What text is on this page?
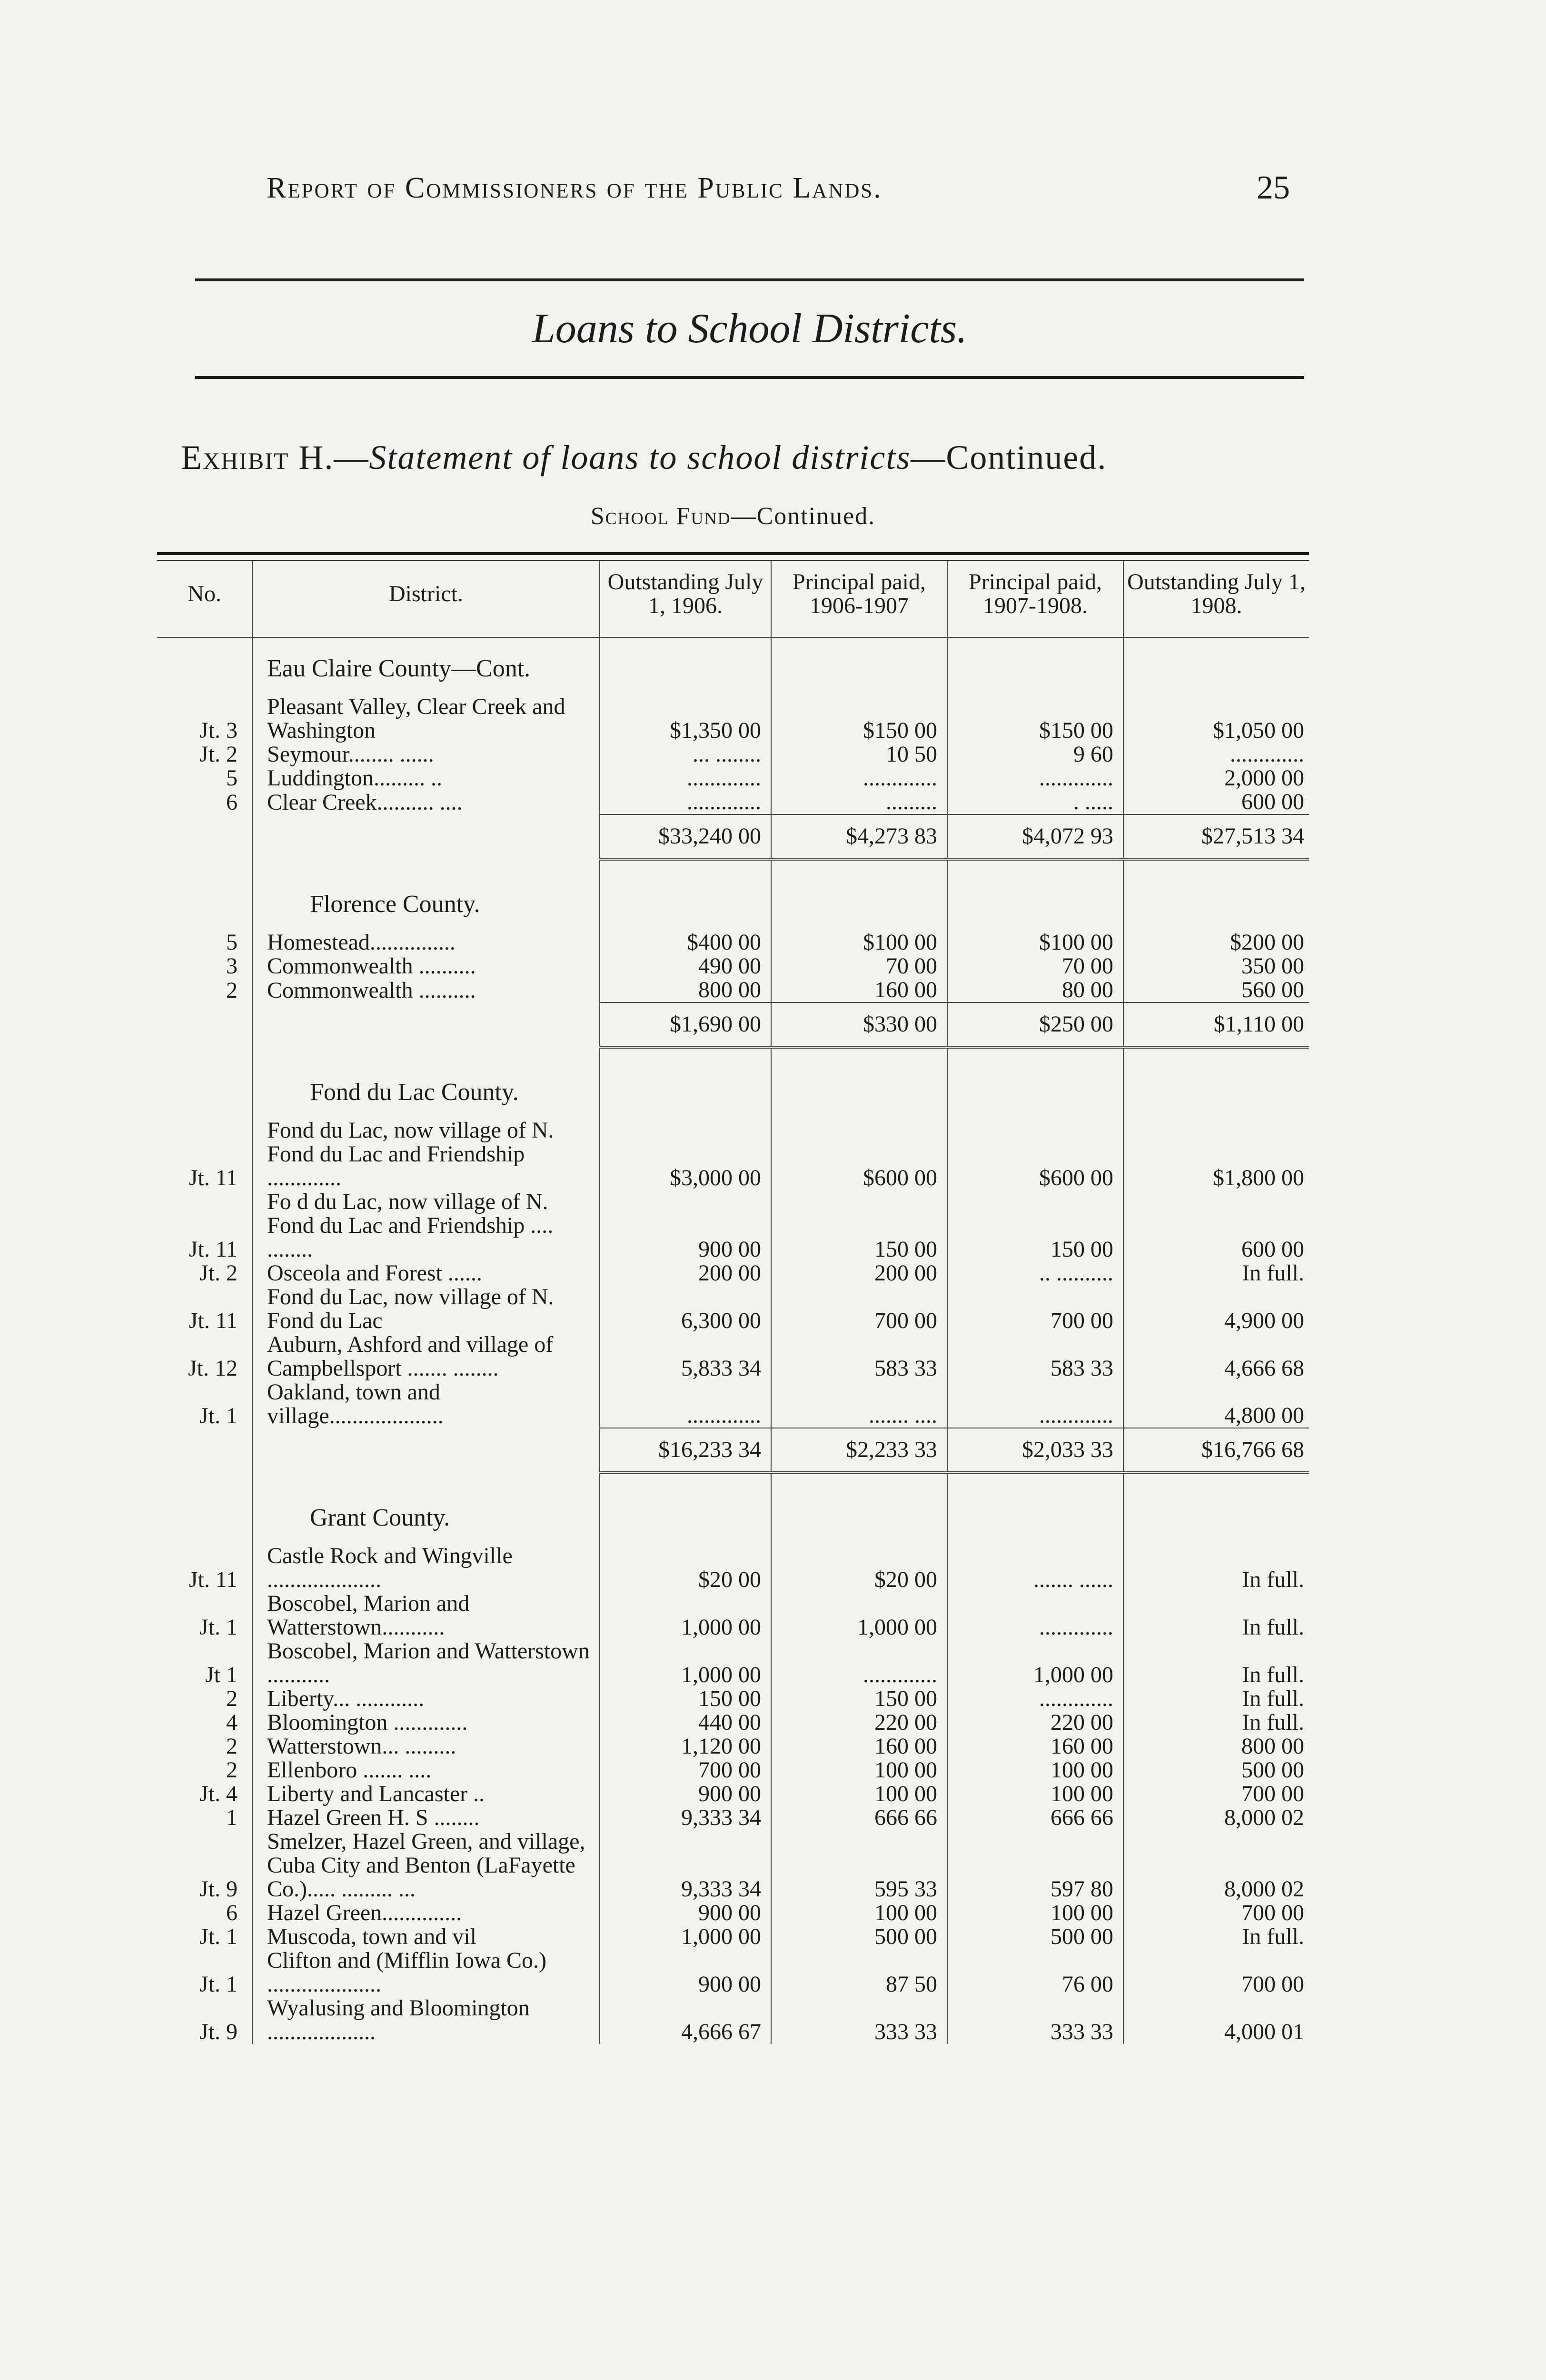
Report of Commissioners of the Public Lands.	25
Loans to School Districts.
Exhibit H.—Statement of loans to school districts—Continued.
School Fund—Continued.

No.	District.	Outstanding July 1, 1906.	Principal paid, 1906-1907	Principal paid, 1907-1908.	Outstanding July 1, 1908.
	Eau Claire County—Cont.				
Jt. 3	Pleasant Valley, Clear Creek and Washington	$1,350 00	$150 00	$150 00	$1,050 00
Jt. 2	Seymour........ ......	... ........	10 50	9 60	.............
5	Luddington......... ..	.............	.............	.............	2,000 00
6	Clear Creek.......... ....	.............	.........	. .....	600 00
		$33,240 00	$4,273 83	$4,072 93	$27,513 34
	Florence County.				
5	Homestead...............	$400 00	$100 00	$100 00	$200 00
3	Commonwealth ..........	490 00	70 00	70 00	350 00
2	Commonwealth ..........	800 00	160 00	80 00	560 00
		$1,690 00	$330 00	$250 00	$1,110 00
	Fond du Lac County.				
Jt. 11	Fond du Lac, now village of N. Fond du Lac and Friendship .............	$3,000 00	$600 00	$600 00	$1,800 00
Jt. 11	Fo d du Lac, now village of N. Fond du Lac and Friendship .... ........	900 00	150 00	150 00	600 00
Jt. 2	Osceola and Forest ......	200 00	200 00	.. ..........	In full.
Jt. 11	Fond du Lac, now village of N. Fond du Lac	6,300 00	700 00	700 00	4,900 00
Jt. 12	Auburn, Ashford and village of Campbellsport ....... ........	5,833 34	583 33	583 33	4,666 68
Jt. 1	Oakland, town and village....................	.............	....... ....	.............	4,800 00
		$16,233 34	$2,233 33	$2,033 33	$16,766 68
	Grant County.				
Jt. 11	Castle Rock and Wingville ....................	$20 00	$20 00	....... ......	In full.
Jt. 1	Boscobel, Marion and Watterstown...........	1,000 00	1,000 00	.............	In full.
Jt 1	Boscobel, Marion and Watterstown ...........	1,000 00	.............	1,000 00	In full.
2	Liberty... ............	150 00	150 00	.............	In full.
4	Bloomington .............	440 00	220 00	220 00	In full.
2	Watterstown... .........	1,120 00	160 00	160 00	800 00
2	Ellenboro ....... ....	700 00	100 00	100 00	500 00
Jt. 4	Liberty and Lancaster ..	900 00	100 00	100 00	700 00
1	Hazel Green H. S ........	9,333 34	666 66	666 66	8,000 02
Jt. 9	Smelzer, Hazel Green, and village, Cuba City and Benton (LaFayette Co.)..... ......... ...	9,333 34	595 33	597 80	8,000 02
6	Hazel Green..............	900 00	100 00	100 00	700 00
Jt. 1	Muscoda, town and vil	1,000 00	500 00	500 00	In full.
Jt. 1	Clifton and (Mifflin Iowa Co.) ....................	900 00	87 50	76 00	700 00
Jt. 9	Wyalusing and Bloomington ...................	4,666 67	333 33	333 33	4,000 01
